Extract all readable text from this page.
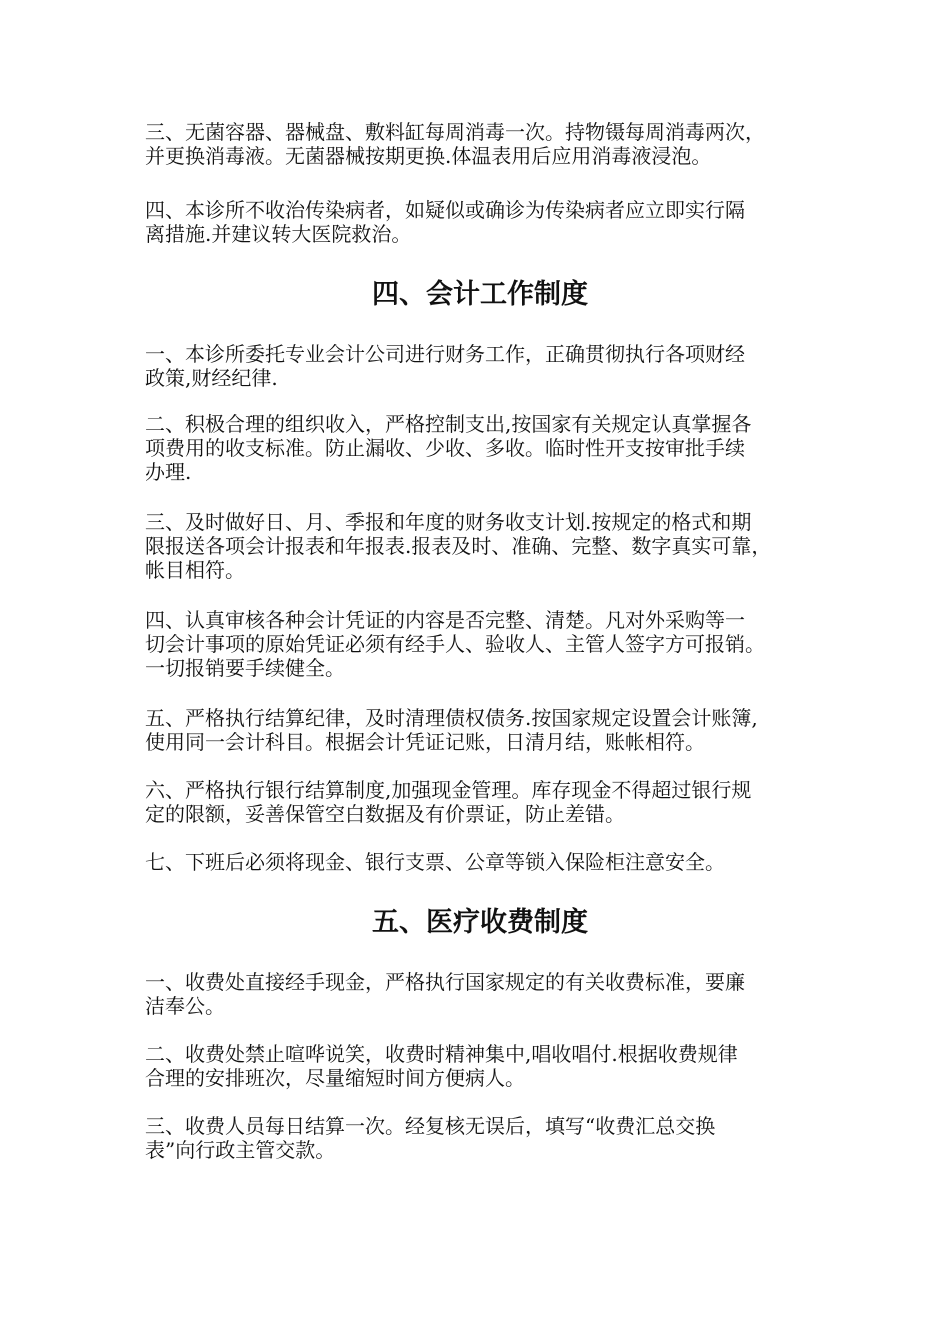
三、无菌容器、器械盘、敷料缸每周消毒一次。持物镊每周消毒两次，
并更换消毒液。无菌器械按期更换.体温表用后应用消毒液浸泡。

四、本诊所不收治传染病者，如疑似或确诊为传染病者应立即实行隔
离措施.并建议转大医院救治。

四、会计工作制度

一、本诊所委托专业会计公司进行财务工作，正确贯彻执行各项财经
政策,财经纪律.

二、积极合理的组织收入，严格控制支出,按国家有关规定认真掌握各
项费用的收支标准。防止漏收、少收、多收。临时性开支按审批手续
办理.

三、及时做好日、月、季报和年度的财务收支计划.按规定的格式和期
限报送各项会计报表和年报表.报表及时、准确、完整、数字真实可靠，
帐目相符。

四、认真审核各种会计凭证的内容是否完整、清楚。凡对外采购等一
切会计事项的原始凭证必须有经手人、验收人、主管人签字方可报销。
一切报销要手续健全。

五、严格执行结算纪律，及时清理债权债务.按国家规定设置会计账簿,
使用同一会计科目。根据会计凭证记账，日清月结，账帐相符。

六、严格执行银行结算制度,加强现金管理。库存现金不得超过银行规
定的限额，妥善保管空白数据及有价票证，防止差错。

七、下班后必须将现金、银行支票、公章等锁入保险柜注意安全。

五、医疗收费制度

一、收费处直接经手现金，严格执行国家规定的有关收费标准，要廉
洁奉公。

二、收费处禁止喧哗说笑，收费时精神集中,唱收唱付.根据收费规律
合理的安排班次，尽量缩短时间方便病人。

三、收费人员每日结算一次。经复核无误后，填写“收费汇总交换
表”向行政主管交款。
